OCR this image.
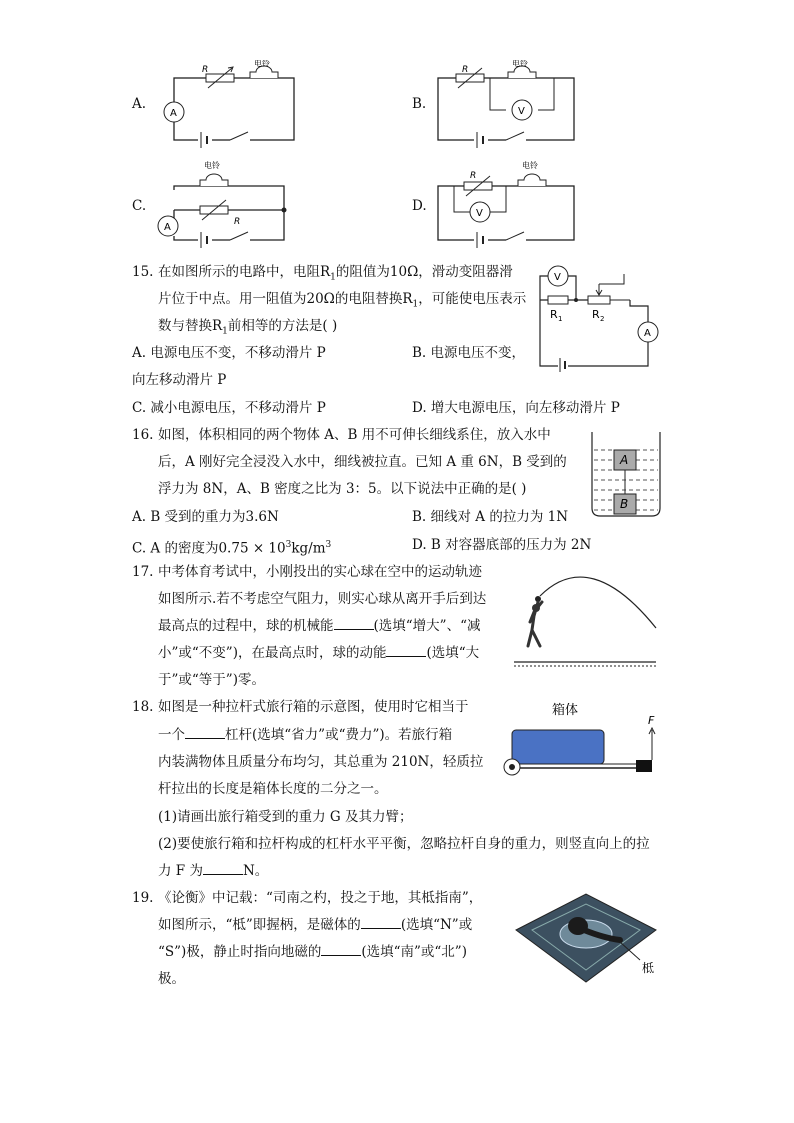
A.
R
电铃
A
B.
R
电铃
V
C.
电铃
R
A
D.
R
电铃
V
15. 在如图所示的电路中，电阻$R_1$的阻值为10Ω，滑动变阻器滑
片位于中点。用一阻值为20Ω的电阻替换$R_1$，可能使电压表示
数与替换$R_1$前相等的方法是( )
A. 电源电压不变，不移动滑片 P	B. 电源电压不变，
向左移动滑片 P
C. 减小电源电压，不移动滑片 P	D. 增大电源电压，向左移动滑片 P
V
R 1	R 2
A
16. 如图，体积相同的两个物体 A、B 用不可伸长细线系住，放入水中
后，A 刚好完全浸没入水中，细线被拉直。已知 A 重 6N，B 受到的
浮力为 8N，A、B 密度之比为 3：5。以下说法中正确的是( )
A. B 受到的重力为3.6N	B. 细线对 A 的拉力为 1N
C. A 的密度为$0.75 \times 10^3kg/m^3$	D. B 对容器底部的压力为 2N
A
B
17. 中考体育考试中，小刚投出的实心球在空中的运动轨迹
如图所示.若不考虑空气阻力，则实心球从离开手后到达
最高点的过程中，球的机械能	(选填“增大”、“减
小”或“不变”)，在最高点时，球的动能	(选填“大
于”或“等于”)零。
18. 如图是一种拉杆式旅行箱的示意图，使用时它相当于
一个	杠杆(选填“省力”或“费力”)。若旅行箱
内装满物体且质量分布均匀，其总重为 210N，轻质拉
杆拉出的长度是箱体长度的二分之一。
(1)请画出旅行箱受到的重力 G 及其力臂；
(2)要使旅行箱和拉杆构成的杠杆水平平衡，忽略拉杆自身的重力，则竖直向上的拉
力 F 为	N。
箱体
F
19. 《论衡》中记载：“司南之杓，投之于地，其柢指南”，
如图所示，“柢”即握柄，是磁体的	(选填“N”或
“S”)极，静止时指向地磁的	(选填“南”或“北”)
极。
柢
